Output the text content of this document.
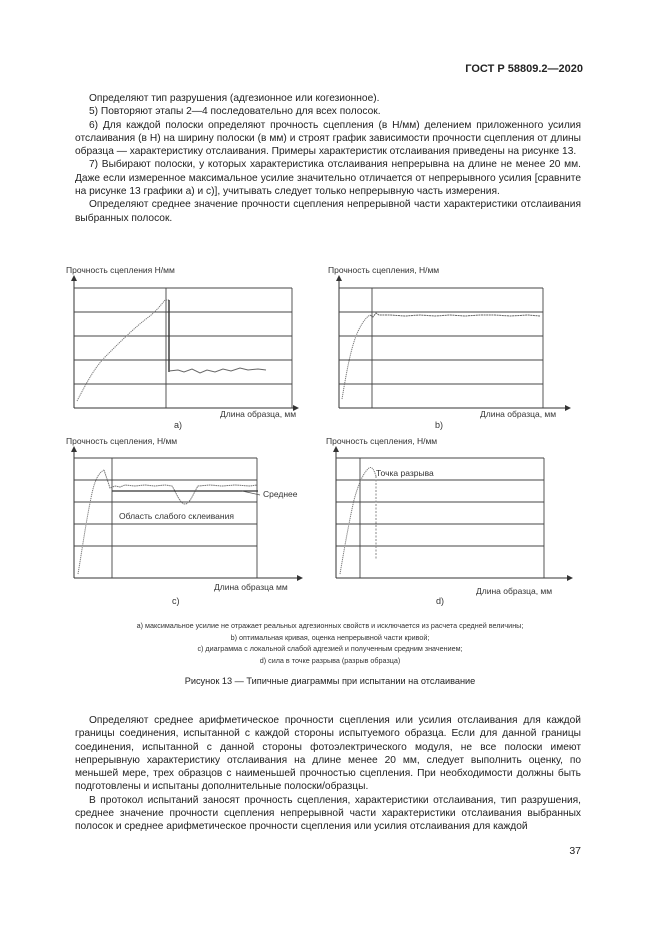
ГОСТ Р 58809.2—2020

Определяют тип разрушения (адгезионное или когезионное).

5) Повторяют этапы 2—4 последовательно для всех полосок.

6) Для каждой полоски определяют прочность сцепления (в Н/мм) делением приложенного усилия отслаивания (в Н) на ширину полоски (в мм) и строят график зависимости прочности сцепления от длины образца — характеристику отслаивания. Примеры характеристик отслаивания приведены на рисунке 13.

7) Выбирают полоски, у которых характеристика отслаивания непрерывна на длине не менее 20 мм. Даже если измеренное максимальное усилие значительно отличается от непрерывного усилия [сравните на рисунке 13 графики а) и с)], учитывать следует только непрерывную часть измерения.

Определяют среднее значение прочности сцепления непрерывной части характеристики отслаивания выбранных полосок.

Прочность сцепления Н/мм
Длина образца, мм
а)
Прочность сцепления, Н/мм
Длина образца, мм
b)
Прочность сцепления, Н/мм
Среднее
Область слабого склеивания
Длина образца мм
c)
Прочность сцепления, Н/мм
Точка разрыва
Длина образца, мм
d)
а) максимальное усилие не отражает реальных адгезионных свойств и исключается из расчета средней величины;
b) оптимальная кривая, оценка непрерывной части кривой;
с) диаграмма с локальной слабой адгезией и полученным средним значением;
d) сила в точке разрыва (разрыв образца)
Рисунок 13 — Типичные диаграммы при испытании на отслаивание

Определяют среднее арифметическое прочности сцепления или усилия отслаивания для каждой границы соединения, испытанной с каждой стороны испытуемого образца. Если для данной границы соединения, испытанной с данной стороны фотоэлектрического модуля, не все полоски имеют непрерывную характеристику отслаивания на длине менее 20 мм, следует выполнить оценку, по меньшей мере, трех образцов с наименьшей прочностью сцепления. При необходимости должны быть подготовлены и испытаны дополнительные полоски/образцы.

В протокол испытаний заносят прочность сцепления, характеристики отслаивания, тип разрушения, среднее значение прочности сцепления непрерывной части характеристики отслаивания выбранных полосок и среднее арифметическое прочности сцепления или усилия отслаивания для каждой

37
